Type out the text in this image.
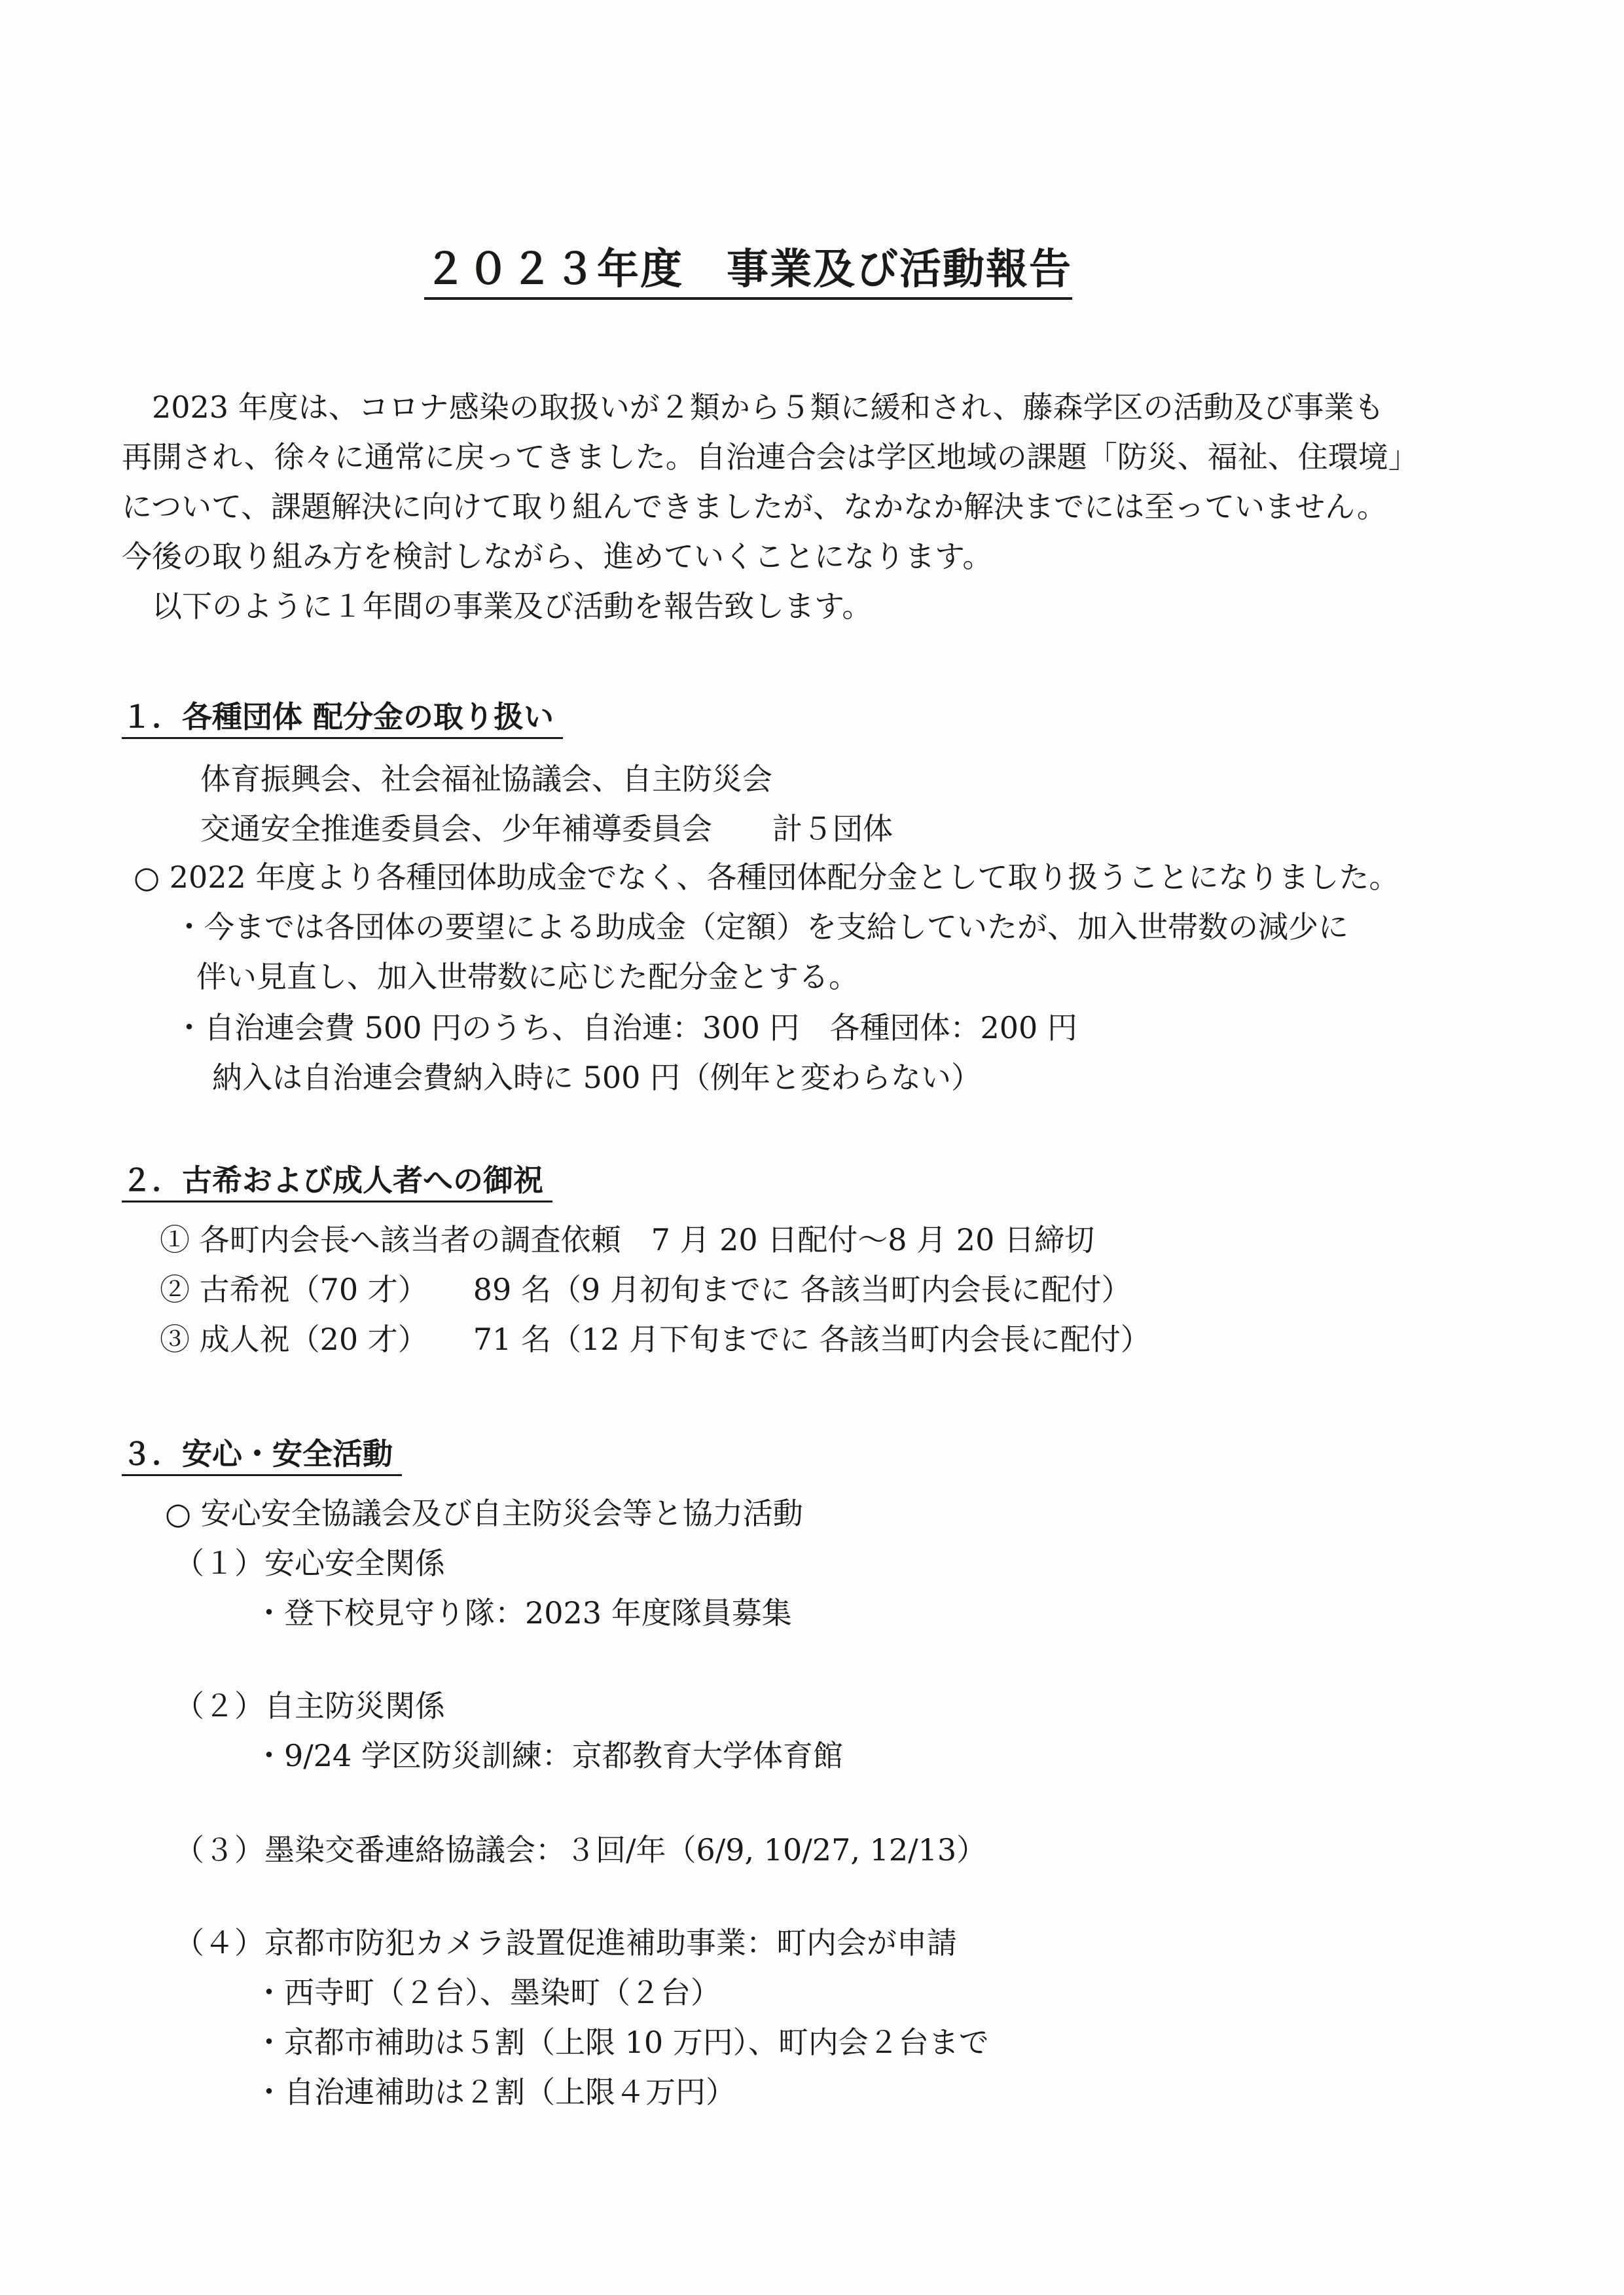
２０２３年度　事業及び活動報告
　2023 年度は、コロナ感染の取扱いが２類から５類に緩和され、藤森学区の活動及び事業も
再開され、徐々に通常に戻ってきました。自治連合会は学区地域の課題「防災、福祉、住環境」
について、課題解決に向けて取り組んできましたが、なかなか解決までには至っていません。
今後の取り組み方を検討しながら、進めていくことになります。
　以下のように１年間の事業及び活動を報告致します。
１．各種団体 配分金の取り扱い
体育振興会、社会福祉協議会、自主防災会
交通安全推進委員会、少年補導委員会　　計５団体
○ 2022 年度より各種団体助成金でなく、各種団体配分金として取り扱うことになりました。
・今までは各団体の要望による助成金（定額）を支給していたが、加入世帯数の減少に
伴い見直し、加入世帯数に応じた配分金とする。
・自治連会費 500 円のうち、自治連：300 円　各種団体：200 円
納入は自治連会費納入時に 500 円（例年と変わらない）
２．古希および成人者への御祝
① 各町内会長へ該当者の調査依頼　7 月 20 日配付～8 月 20 日締切
② 古希祝（70 才）　　89 名（9 月初旬までに 各該当町内会長に配付）
③ 成人祝（20 才）　　71 名（12 月下旬までに 各該当町内会長に配付）
３．安心・安全活動
○ 安心安全協議会及び自主防災会等と協力活動
（１）安心安全関係
・登下校見守り隊：2023 年度隊員募集
（２）自主防災関係
・9/24 学区防災訓練：京都教育大学体育館
（３）墨染交番連絡協議会：３回/年（6/9, 10/27, 12/13）
（４）京都市防犯カメラ設置促進補助事業：町内会が申請
・西寺町（２台）、墨染町（２台）
・京都市補助は５割（上限 10 万円）、町内会２台まで
・自治連補助は２割（上限４万円）
